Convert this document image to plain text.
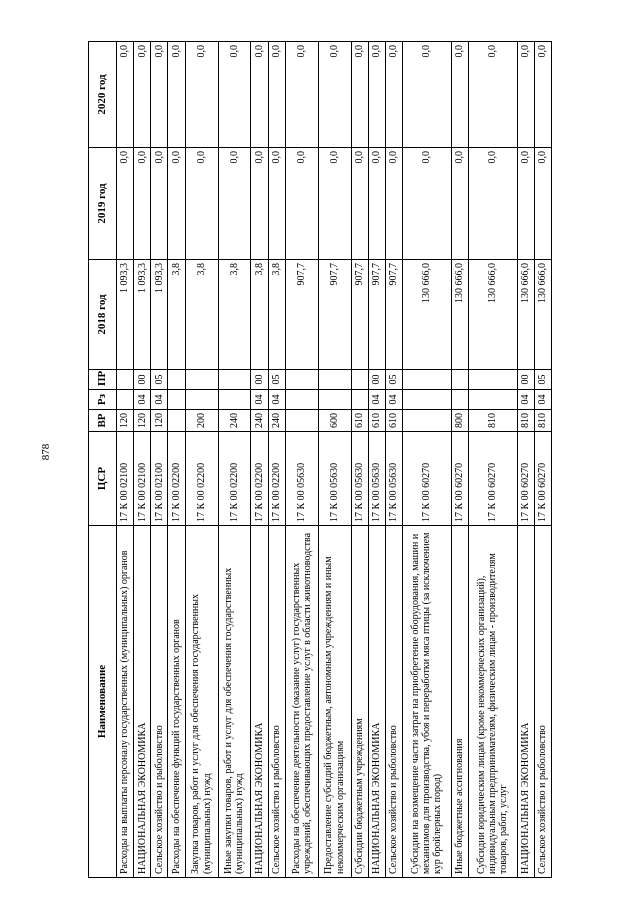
878
Наименование	ЦСР	ВР	Рз	ПР	2018 год	2019 год	2020 год
Расходы на выплаты персоналу государственных (муниципальных) органов	17 К 00 02100	120			1 093,3	0,0	0,0
НАЦИОНАЛЬНАЯ ЭКОНОМИКА	17 К 00 02100	120	04	00	1 093,3	0,0	0,0
Сельское хозяйство и рыболовство	17 К 00 02100	120	04	05	1 093,3	0,0	0,0
Расходы на обеспечение функций государственных органов	17 К 00 02200				3,8	0,0	0,0
Закупка товаров, работ и услуг для обеспечения государственных (муниципальных) нужд	17 К 00 02200	200			3,8	0,0	0,0
Иные закупки товаров, работ и услуг для обеспечения государственных (муниципальных) нужд	17 К 00 02200	240			3,8	0,0	0,0
НАЦИОНАЛЬНАЯ ЭКОНОМИКА	17 К 00 02200	240	04	00	3,8	0,0	0,0
Сельское хозяйство и рыболовство	17 К 00 02200	240	04	05	3,8	0,0	0,0
Расходы на обеспечение деятельности (оказание услуг) государственных учреждений, обеспечивающих предоставление услуг в области животноводства	17 К 00 05630				907,7	0,0	0,0
Предоставление субсидий бюджетным, автономным учреждениям и иным некоммерческим организациям	17 К 00 05630	600			907,7	0,0	0,0
Субсидии бюджетным учреждениям	17 К 00 05630	610			907,7	0,0	0,0
НАЦИОНАЛЬНАЯ ЭКОНОМИКА	17 К 00 05630	610	04	00	907,7	0,0	0,0
Сельское хозяйство и рыболовство	17 К 00 05630	610	04	05	907,7	0,0	0,0
Субсидии на возмещение части затрат на приобретение оборудования, машин и механизмов для производства, убоя и переработки мяса птицы (за исключением кур бройлерных пород)	17 К 00 60270				130 666,0	0,0	0,0
Иные бюджетные ассигнования	17 К 00 60270	800			130 666,0	0,0	0,0
Субсидии юридическим лицам (кроме некоммерческих организаций), индивидуальным предпринимателям, физическим лицам - производителям товаров, работ, услуг	17 К 00 60270	810			130 666,0	0,0	0,0
НАЦИОНАЛЬНАЯ ЭКОНОМИКА	17 К 00 60270	810	04	00	130 666,0	0,0	0,0
Сельское хозяйство и рыболовство	17 К 00 60270	810	04	05	130 666,0	0,0	0,0
